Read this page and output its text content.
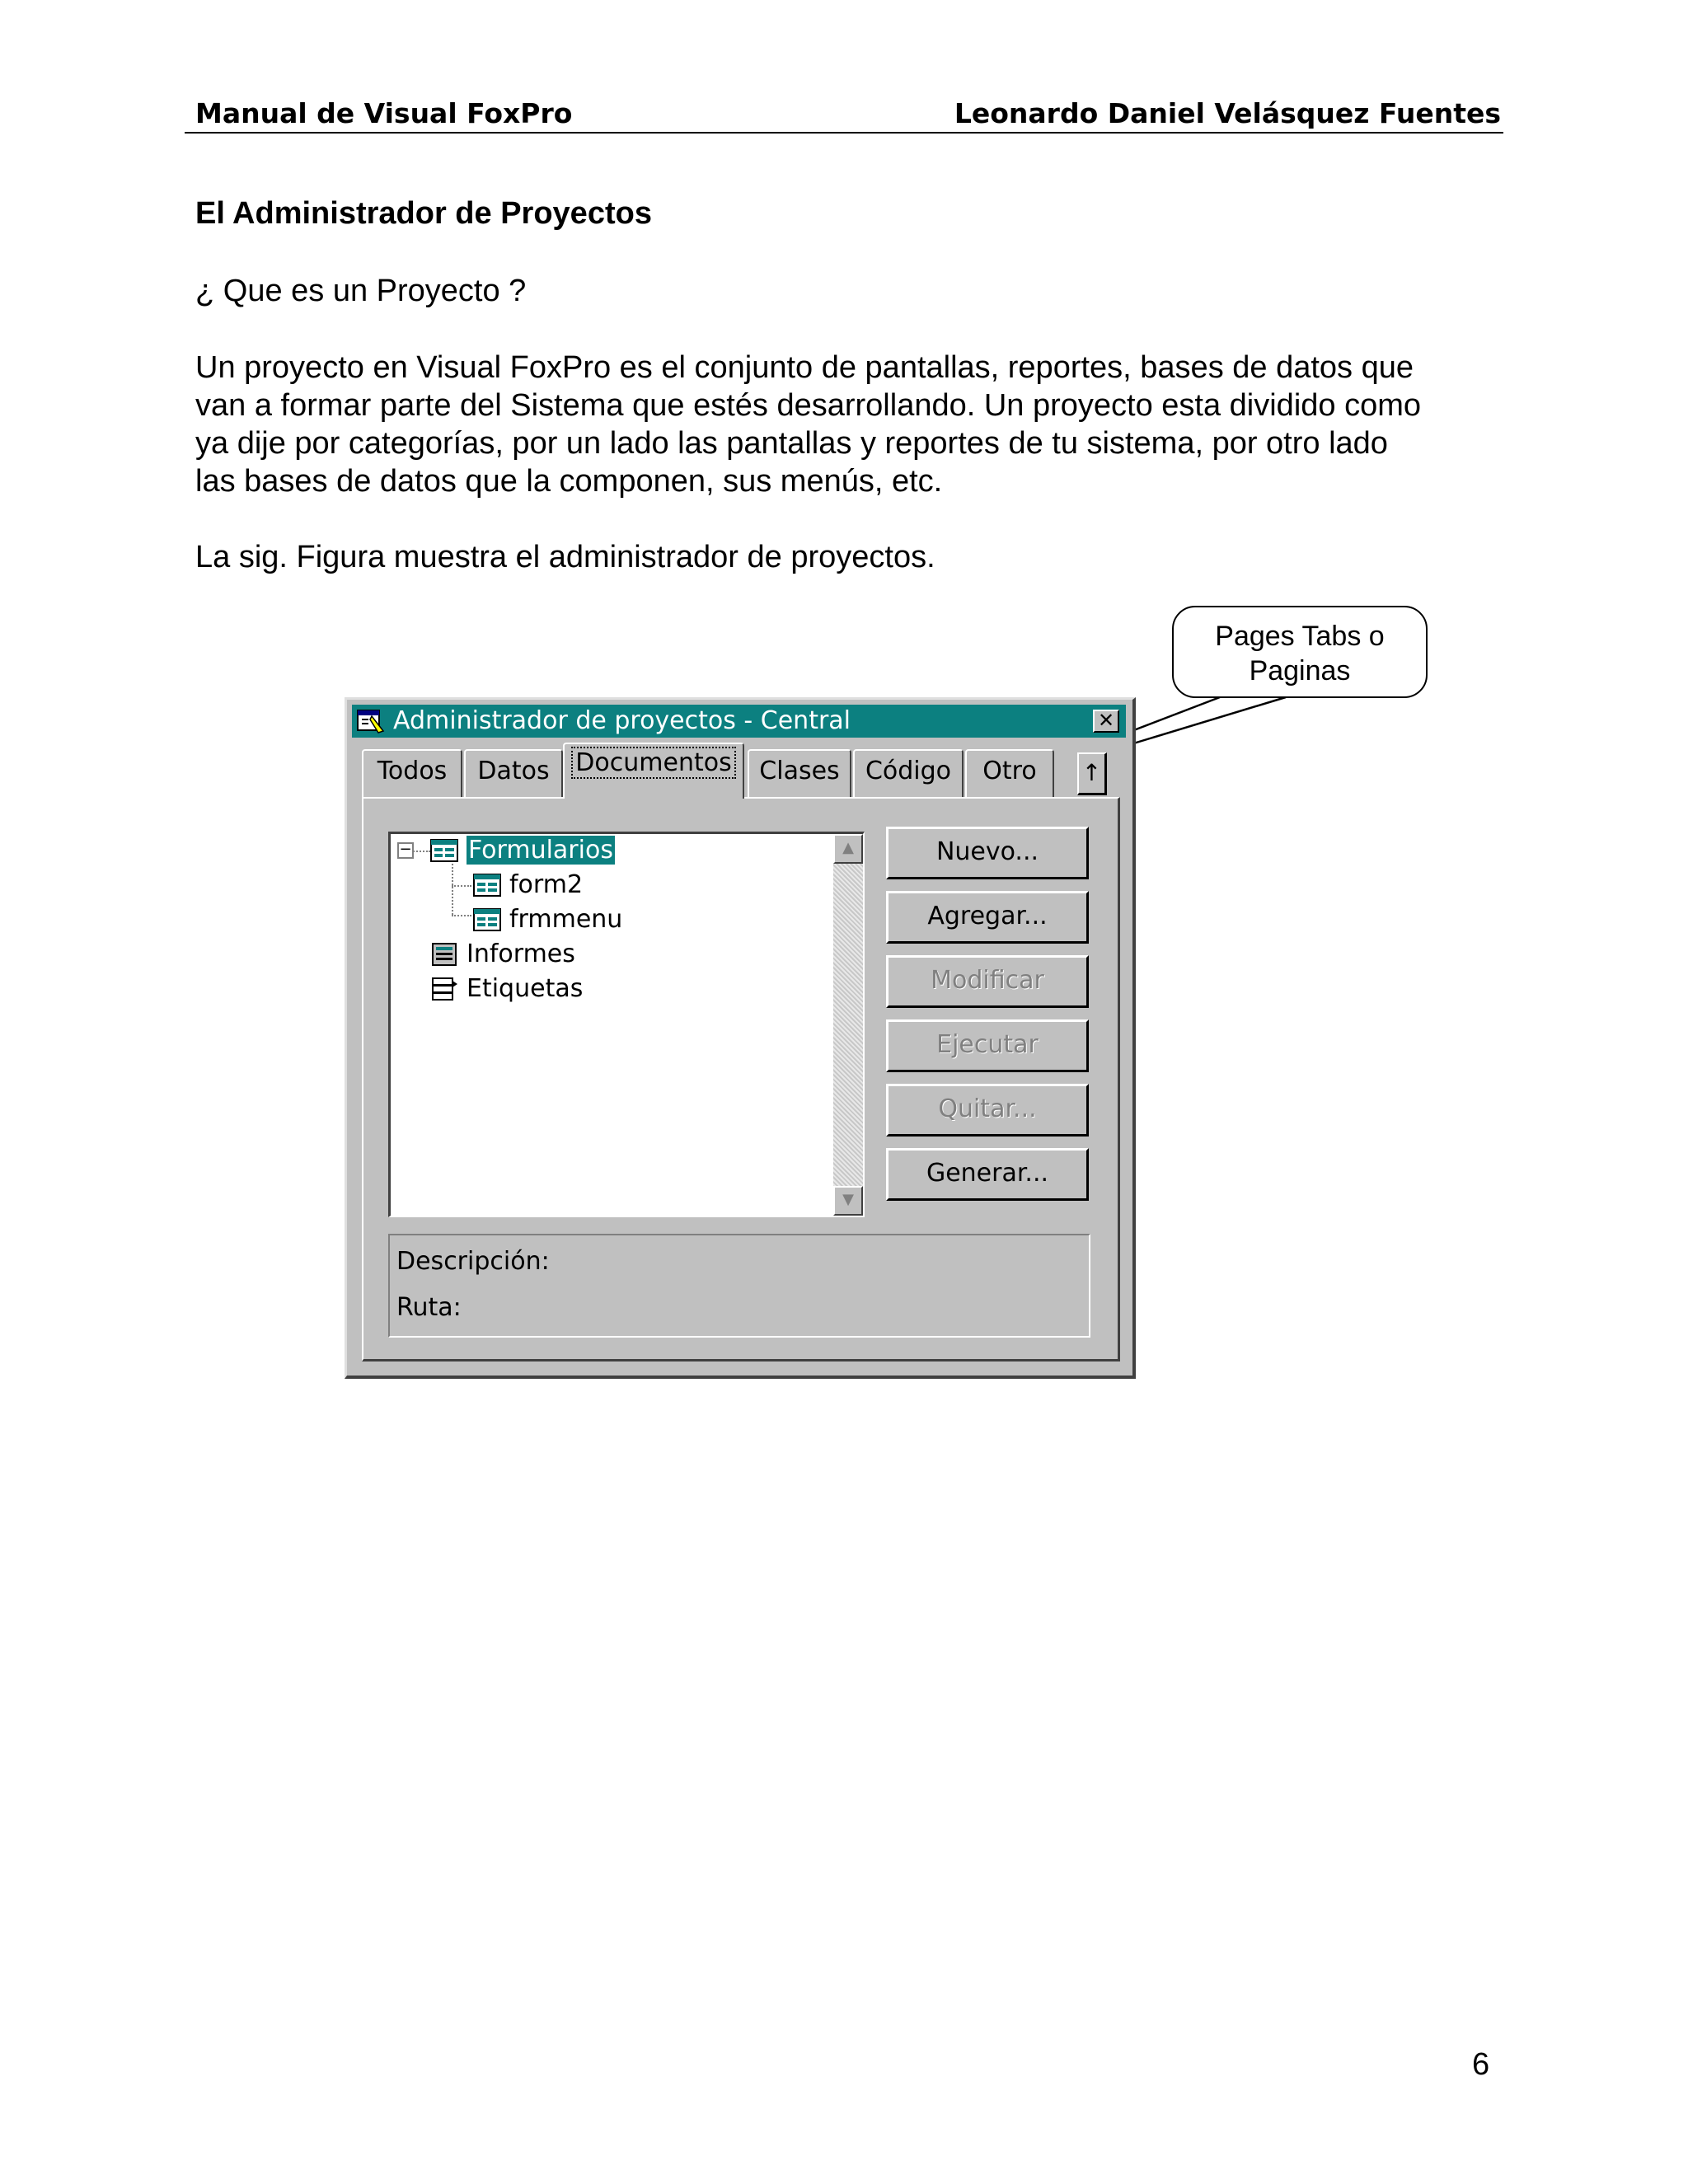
Manual de Visual FoxPro	Leonardo Daniel Velásquez Fuentes
El Administrador de Proyectos
¿ Que es un Proyecto ?
Un proyecto en Visual FoxPro es el conjunto de pantallas, reportes, bases de datos que
van a formar parte del Sistema que estés desarrollando. Un proyecto esta dividido como
ya dije por categorías, por un lado las pantallas y reportes de tu sistema, por otro lado
las bases de datos que la componen, sus menús, etc.
La sig. Figura muestra el administrador de proyectos.
Pages Tabs o
Paginas
Administrador de proyectos - Central	✕
Todos	Datos	Documentos	Clases	Código	Otro	↑
−	Formularios
form2
frmmenu
Informes
Etiquetas
▲
▼
Nuevo...
Agregar...
Modificar
Ejecutar
Quitar...
Generar...
Descripción:
Ruta:
6
